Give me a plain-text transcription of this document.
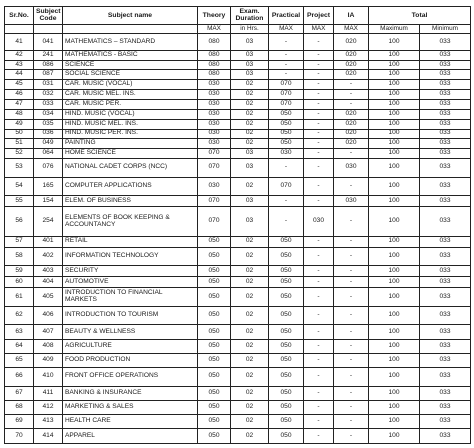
Sr.No.	Subject Code	Subject name	Theory	Exam. Duration	Practical	Project	IA	Total	
			MAX	in Hrs.	MAX	MAX	MAX	Maximum	Minimum
41	041	MATHEMATICS – STANDARD	080	03	-	-	020	100	033
42	241	MATHEMATICS - BASIC	080	03	-	-	020	100	033
43	086	SCIENCE	080	03	-	-	020	100	033
44	087	SOCIAL SCIENCE	080	03	-	-	020	100	033
45	031	CAR. MUSIC (VOCAL)	030	02	070	-	-	100	033
46	032	CAR. MUSIC MEL. INS.	030	02	070	-	-	100	033
47	033	CAR. MUSIC PER.	030	02	070	-	-	100	033
48	034	HIND. MUSIC (VOCAL)	030	02	050	-	020	100	033
49	035	HIND. MUSIC MEL. INS.	030	02	050	-	020	100	033
50	036	HIND. MUSIC PER. INS.	030	02	050	-	020	100	033
51	049	PAINTING	030	02	050	-	020	100	033
52	064	HOME SCIENCE	070	03	030	-	-	100	033
53	076	NATIONAL CADET CORPS (NCC)	070	03	-	-	030	100	033
54	165	COMPUTER APPLICATIONS	030	02	070	-	-	100	033
55	154	ELEM. OF BUSINESS	070	03	-	-	030	100	033
56	254	ELEMENTS OF BOOK KEEPING & ACCOUNTANCY	070	03	-	030	-	100	033
57	401	RETAIL	050	02	050	-	-	100	033
58	402	INFORMATION TECHNOLOGY	050	02	050	-	-	100	033
59	403	SECURITY	050	02	050	-	-	100	033
60	404	AUTOMOTIVE	050	02	050	-	-	100	033
61	405	INTRODUCTION TO FINANCIAL MARKETS	050	02	050	-	-	100	033
62	406	INTRODUCTION TO TOURISM	050	02	050	-	-	100	033
63	407	BEAUTY & WELLNESS	050	02	050	-	-	100	033
64	408	AGRICULTURE	050	02	050	-	-	100	033
65	409	FOOD PRODUCTION	050	02	050	-	-	100	033
66	410	FRONT OFFICE OPERATIONS	050	02	050	-	-	100	033
67	411	BANKING & INSURANCE	050	02	050	-	-	100	033
68	412	MARKETING & SALES	050	02	050	-	-	100	033
69	413	HEALTH CARE	050	02	050	-	-	100	033
70	414	APPAREL	050	02	050	-	-	100	033
